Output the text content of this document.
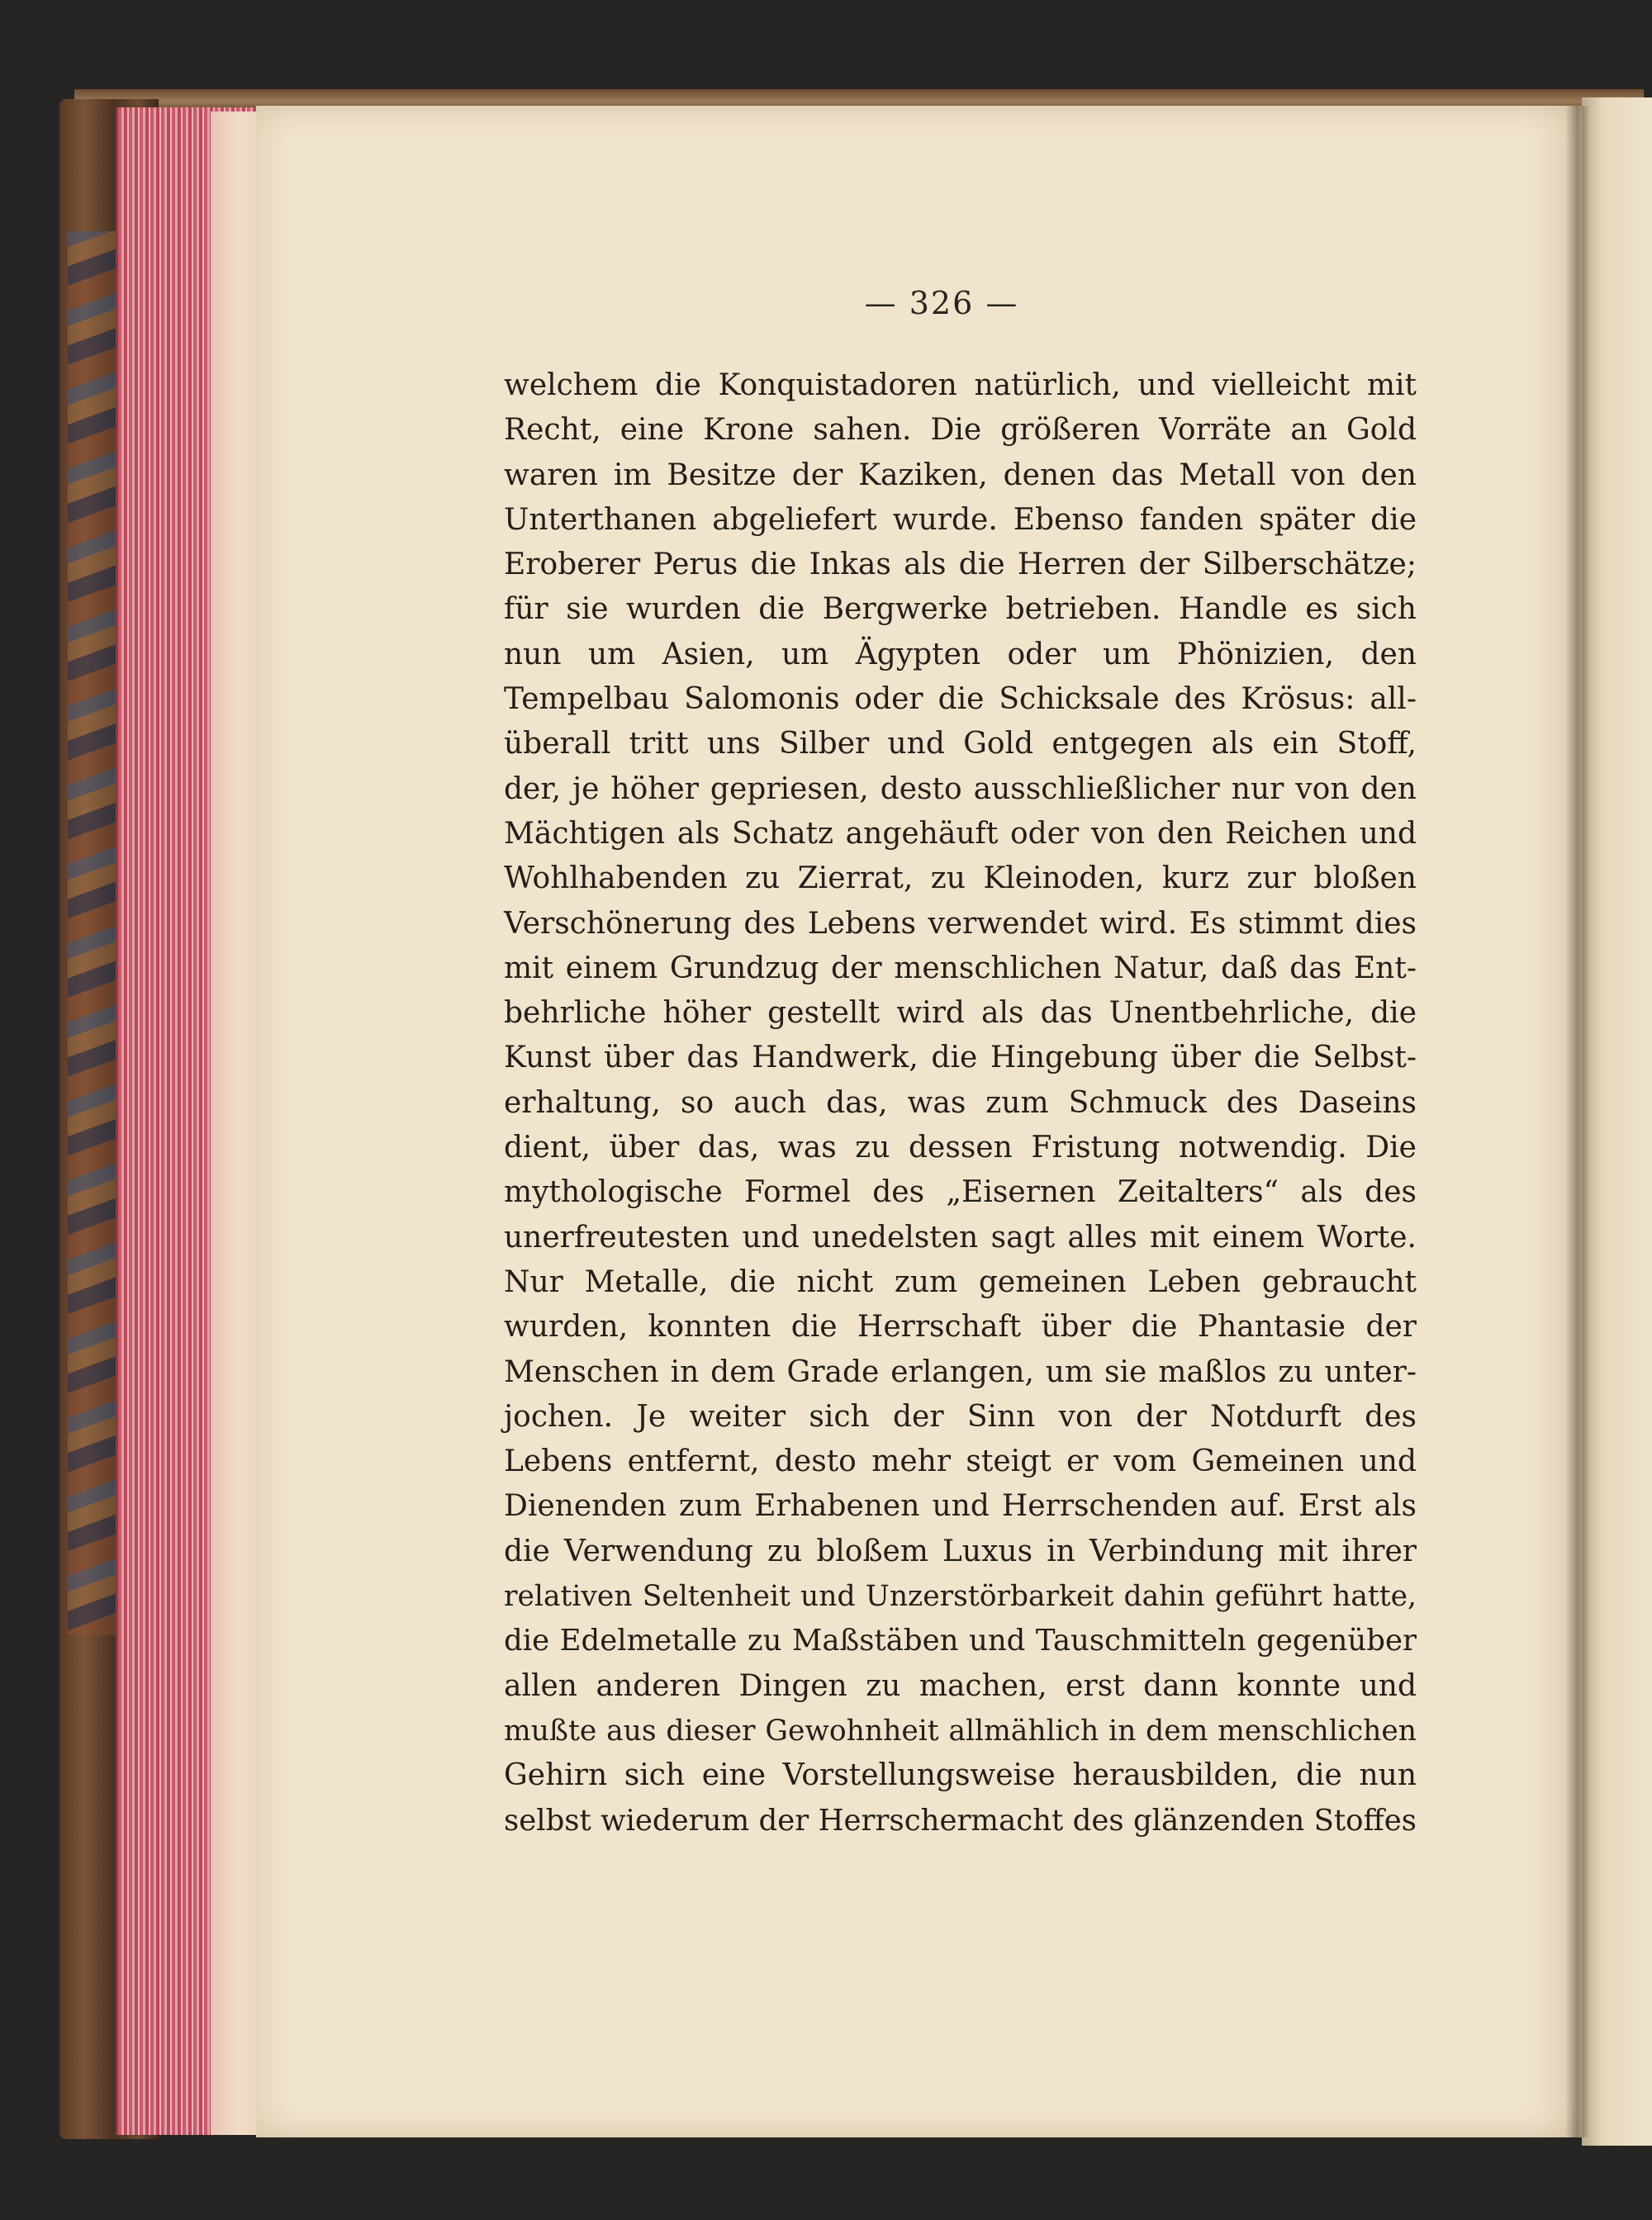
— 326 —
welchem die Konquistadoren natürlich, und vielleicht mit
Recht, eine Krone sahen. Die größeren Vorräte an Gold
waren im Besitze der Kaziken, denen das Metall von den
Unterthanen abgeliefert wurde. Ebenso fanden später die
Eroberer Perus die Inkas als die Herren der Silberschätze;
für sie wurden die Bergwerke betrieben. Handle es sich
nun um Asien, um Ägypten oder um Phönizien, den
Tempelbau Salomonis oder die Schicksale des Krösus: all-
überall tritt uns Silber und Gold entgegen als ein Stoff,
der, je höher gepriesen, desto ausschließlicher nur von den
Mächtigen als Schatz angehäuft oder von den Reichen und
Wohlhabenden zu Zierrat, zu Kleinoden, kurz zur bloßen
Verschönerung des Lebens verwendet wird. Es stimmt dies
mit einem Grundzug der menschlichen Natur, daß das Ent-
behrliche höher gestellt wird als das Unentbehrliche, die
Kunst über das Handwerk, die Hingebung über die Selbst-
erhaltung, so auch das, was zum Schmuck des Daseins
dient, über das, was zu dessen Fristung notwendig. Die
mythologische Formel des „Eisernen Zeitalters“ als des
unerfreutesten und unedelsten sagt alles mit einem Worte.
Nur Metalle, die nicht zum gemeinen Leben gebraucht
wurden, konnten die Herrschaft über die Phantasie der
Menschen in dem Grade erlangen, um sie maßlos zu unter-
jochen. Je weiter sich der Sinn von der Notdurft des
Lebens entfernt, desto mehr steigt er vom Gemeinen und
Dienenden zum Erhabenen und Herrschenden auf. Erst als
die Verwendung zu bloßem Luxus in Verbindung mit ihrer
relativen Seltenheit und Unzerstörbarkeit dahin geführt hatte,
die Edelmetalle zu Maßstäben und Tauschmitteln gegenüber
allen anderen Dingen zu machen, erst dann konnte und
mußte aus dieser Gewohnheit allmählich in dem menschlichen
Gehirn sich eine Vorstellungsweise herausbilden, die nun
selbst wiederum der Herrschermacht des glänzenden Stoffes
